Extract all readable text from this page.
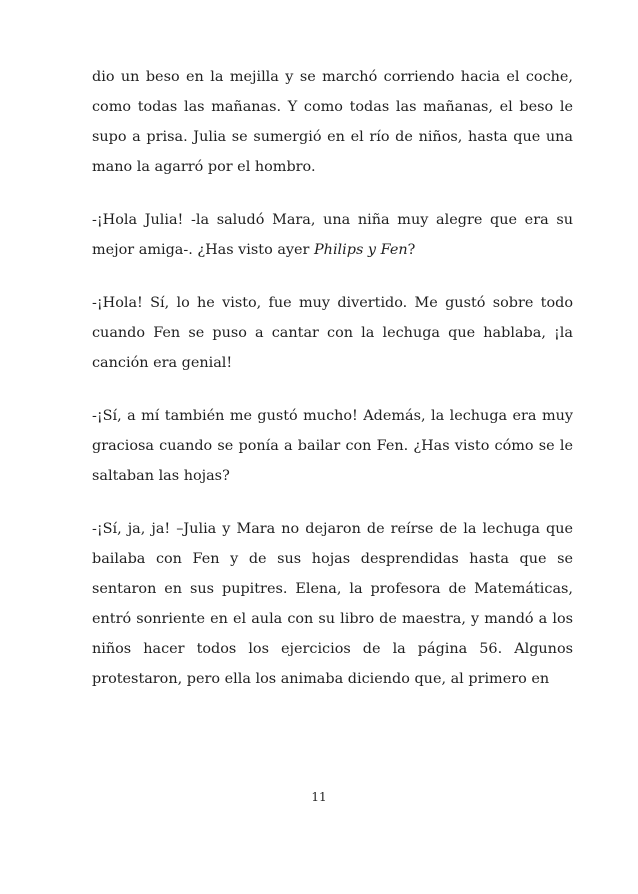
dio un beso en la mejilla y se marchó corriendo hacia el coche, como todas las mañanas. Y como todas las mañanas, el beso le supo a prisa. Julia se sumergió en el río de niños, hasta que una mano la agarró por el hombro.

-¡Hola Julia! -la saludó Mara, una niña muy alegre que era su mejor amiga-. ¿Has visto ayer Philips y Fen?

-¡Hola! Sí, lo he visto, fue muy divertido. Me gustó sobre todo cuando Fen se puso a cantar con la lechuga que hablaba, ¡la canción era genial!

-¡Sí, a mí también me gustó mucho! Además, la lechuga era muy graciosa cuando se ponía a bailar con Fen. ¿Has visto cómo se le saltaban las hojas?

-¡Sí, ja, ja! –Julia y Mara no dejaron de reírse de la lechuga que bailaba con Fen y de sus hojas desprendidas hasta que se sentaron en sus pupitres. Elena, la profesora de Matemáticas, entró sonriente en el aula con su libro de maestra, y mandó a los niños hacer todos los ejercicios de la página 56. Algunos protestaron, pero ella los animaba diciendo que, al primero en

11
